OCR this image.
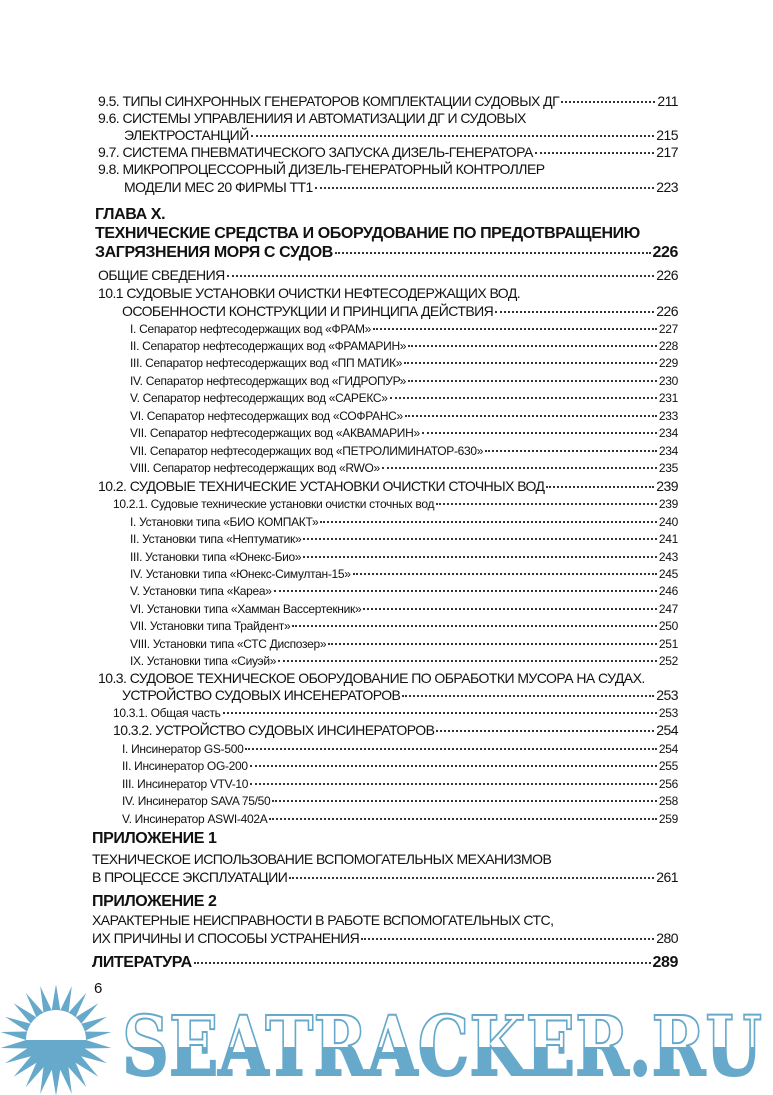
9.5. ТИПЫ СИНХРОННЫХ ГЕНЕРАТОРОВ КОМПЛЕКТАЦИИ СУДОВЫХ ДГ	211
9.6. СИСТЕМЫ УПРАВЛЕНИИЯ И АВТОМАТИЗАЦИИ ДГ И СУДОВЫХ
ЭЛЕКТРОСТАНЦИЙ	215
9.7. СИСТЕМА ПНЕВМАТИЧЕСКОГО ЗАПУСКА ДИЗЕЛЬ-ГЕНЕРАТОРА	217
9.8. МИКРОПРОЦЕССОРНЫЙ ДИЗЕЛЬ-ГЕНЕРАТОРНЫЙ КОНТРОЛЛЕР
МОДЕЛИ МЕС 20 ФИРМЫ ТТ1	223
ГЛАВА X.
ТЕХНИЧЕСКИЕ СРЕДСТВА И ОБОРУДОВАНИЕ ПО ПРЕДОТВРАЩЕНИЮ
ЗАГРЯЗНЕНИЯ МОРЯ С СУДОВ	226
ОБЩИЕ СВЕДЕНИЯ	226
10.1 СУДОВЫЕ УСТАНОВКИ ОЧИСТКИ НЕФТЕСОДЕРЖАЩИХ ВОД.
ОСОБЕННОСТИ КОНСТРУКЦИИ И ПРИНЦИПА ДЕЙСТВИЯ	226
I. Сепаратор нефтесодержащих вод «ФРАМ»	227
II. Сепаратор нефтесодержащих вод «ФРАМАРИН»	228
III. Сепаратор нефтесодержащих вод «ПП МАТИК»	229
IV. Сепаратор нефтесодержащих вод «ГИДРОПУР»	230
V. Сепаратор нефтесодержащих вод «САРЕКС»	231
VI. Сепаратор нефтесодержащих вод «СОФРАНС»	233
VII. Сепаратор нефтесодержащих вод «АКВАМАРИН»	234
VII. Сепаратор нефтесодержащих вод «ПЕТРОЛИМИНАТОР-630»	234
VIII. Сепаратор нефтесодержащих вод «RWO»	235
10.2. СУДОВЫЕ ТЕХНИЧЕСКИЕ УСТАНОВКИ ОЧИСТКИ СТОЧНЫХ ВОД	239
10.2.1. Судовые технические установки очистки сточных вод	239
I. Установки типа «БИО КОМПАКТ»	240
II. Установки типа «Нептуматик»	241
III. Установки типа «Юнекс-Био»	243
IV. Установки типа «Юнекс-Симултан-15»	245
V. Установки типа «Карea»	246
VI. Установки типа «Хамман Вассертекник»	247
VII. Установки типа Трайдент»	250
VIII. Установки типа «СТС Диспозер»	251
IX. Установки типа «Сиуэй»	252
10.3. СУДОВОЕ ТЕХНИЧЕСКОЕ ОБОРУДОВАНИЕ ПО ОБРАБОТКИ МУСОРА НА СУДАХ.
УСТРОЙСТВО СУДОВЫХ ИНСЕНЕРАТОРОВ	253
10.3.1. Общая часть	253
10.3.2. УСТРОЙСТВО СУДОВЫХ ИНСИНЕРАТОРОВ	254
I. Инсинератор GS-500	254
II. Инсинератор OG-200	255
III. Инсинератор VTV-10	256
IV. Инсинератор SAVA 75/50	258
V. Инсинератор ASWI-402A	259
ПРИЛОЖЕНИЕ 1
ТЕХНИЧЕСКОЕ ИСПОЛЬЗОВАНИЕ ВСПОМОГАТЕЛЬНЫХ МЕХАНИЗМОВ
В ПРОЦЕССЕ ЭКСПЛУАТАЦИИ	261
ПРИЛОЖЕНИЕ 2
ХАРАКТЕРНЫЕ НЕИСПРАВНОСТИ В РАБОТЕ ВСПОМОГАТЕЛЬНЫХ СТС,
ИХ ПРИЧИНЫ И СПОСОБЫ УСТРАНЕНИЯ	280
ЛИТЕРАТУРА	289
6
SEATRACKER.RU
